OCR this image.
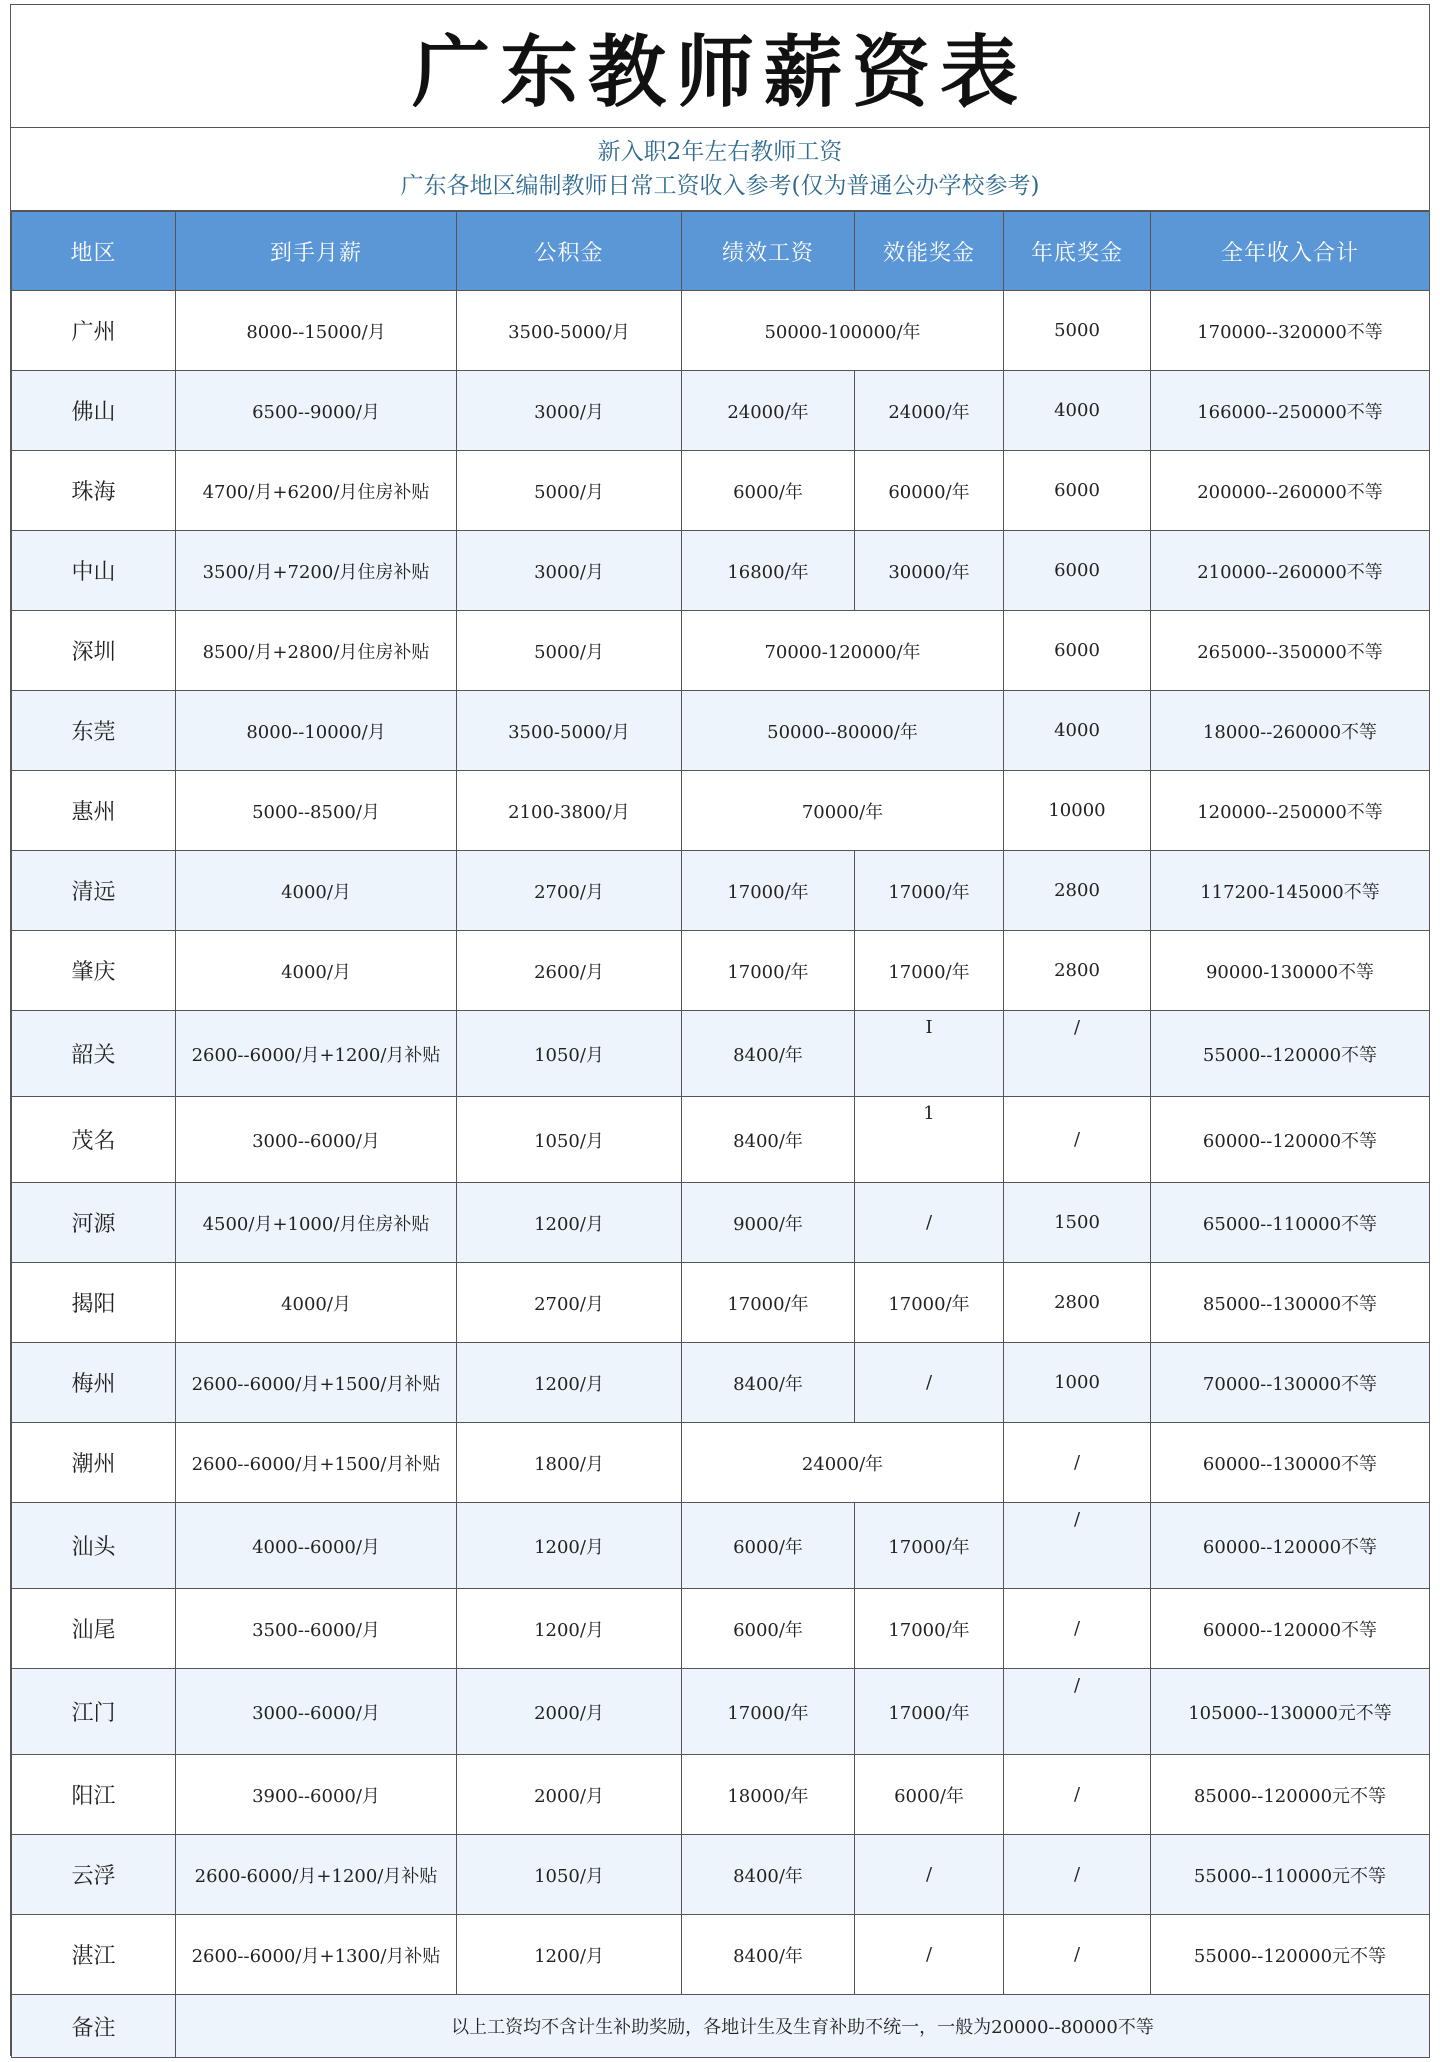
广东教师薪资表
新入职2年左右教师工资
广东各地区编制教师日常工资收入参考(仅为普通公办学校参考)
地区	到手月薪	公积金	绩效工资	效能奖金	年底奖金	全年收入合计
广州	8000--15000/月	3500-5000/月	50000-100000/年		5000	170000--320000不等
佛山	6500--9000/月	3000/月	24000/年	24000/年	4000	166000--250000不等
珠海	4700/月+6200/月住房补贴	5000/月	6000/年	60000/年	6000	200000--260000不等
中山	3500/月+7200/月住房补贴	3000/月	16800/年	30000/年	6000	210000--260000不等
深圳	8500/月+2800/月住房补贴	5000/月	70000-120000/年		6000	265000--350000不等
东莞	8000--10000/月	3500-5000/月	50000--80000/年		4000	18000--260000不等
惠州	5000--8500/月	2100-3800/月	70000/年		10000	120000--250000不等
清远	4000/月	2700/月	17000/年	17000/年	2800	117200-145000不等
肇庆	4000/月	2600/月	17000/年	17000/年	2800	90000-130000不等
韶关	2600--6000/月+1200/月补贴	1050/月	8400/年	I	/	55000--120000不等
茂名	3000--6000/月	1050/月	8400/年	1	/	60000--120000不等
河源	4500/月+1000/月住房补贴	1200/月	9000/年	/	1500	65000--110000不等
揭阳	4000/月	2700/月	17000/年	17000/年	2800	85000--130000不等
梅州	2600--6000/月+1500/月补贴	1200/月	8400/年	/	1000	70000--130000不等
潮州	2600--6000/月+1500/月补贴	1800/月	24000/年		/	60000--130000不等
汕头	4000--6000/月	1200/月	6000/年	17000/年	/	60000--120000不等
汕尾	3500--6000/月	1200/月	6000/年	17000/年	/	60000--120000不等
江门	3000--6000/月	2000/月	17000/年	17000/年	/	105000--130000元不等
阳江	3900--6000/月	2000/月	18000/年	6000/年	/	85000--120000元不等
云浮	2600-6000/月+1200/月补贴	1050/月	8400/年	/	/	55000--110000元不等
湛江	2600--6000/月+1300/月补贴	1200/月	8400/年	/	/	55000--120000元不等
备注	以上工资均不含计生补助奖励，各地计生及生育补助不统一，一般为20000--80000不等					
